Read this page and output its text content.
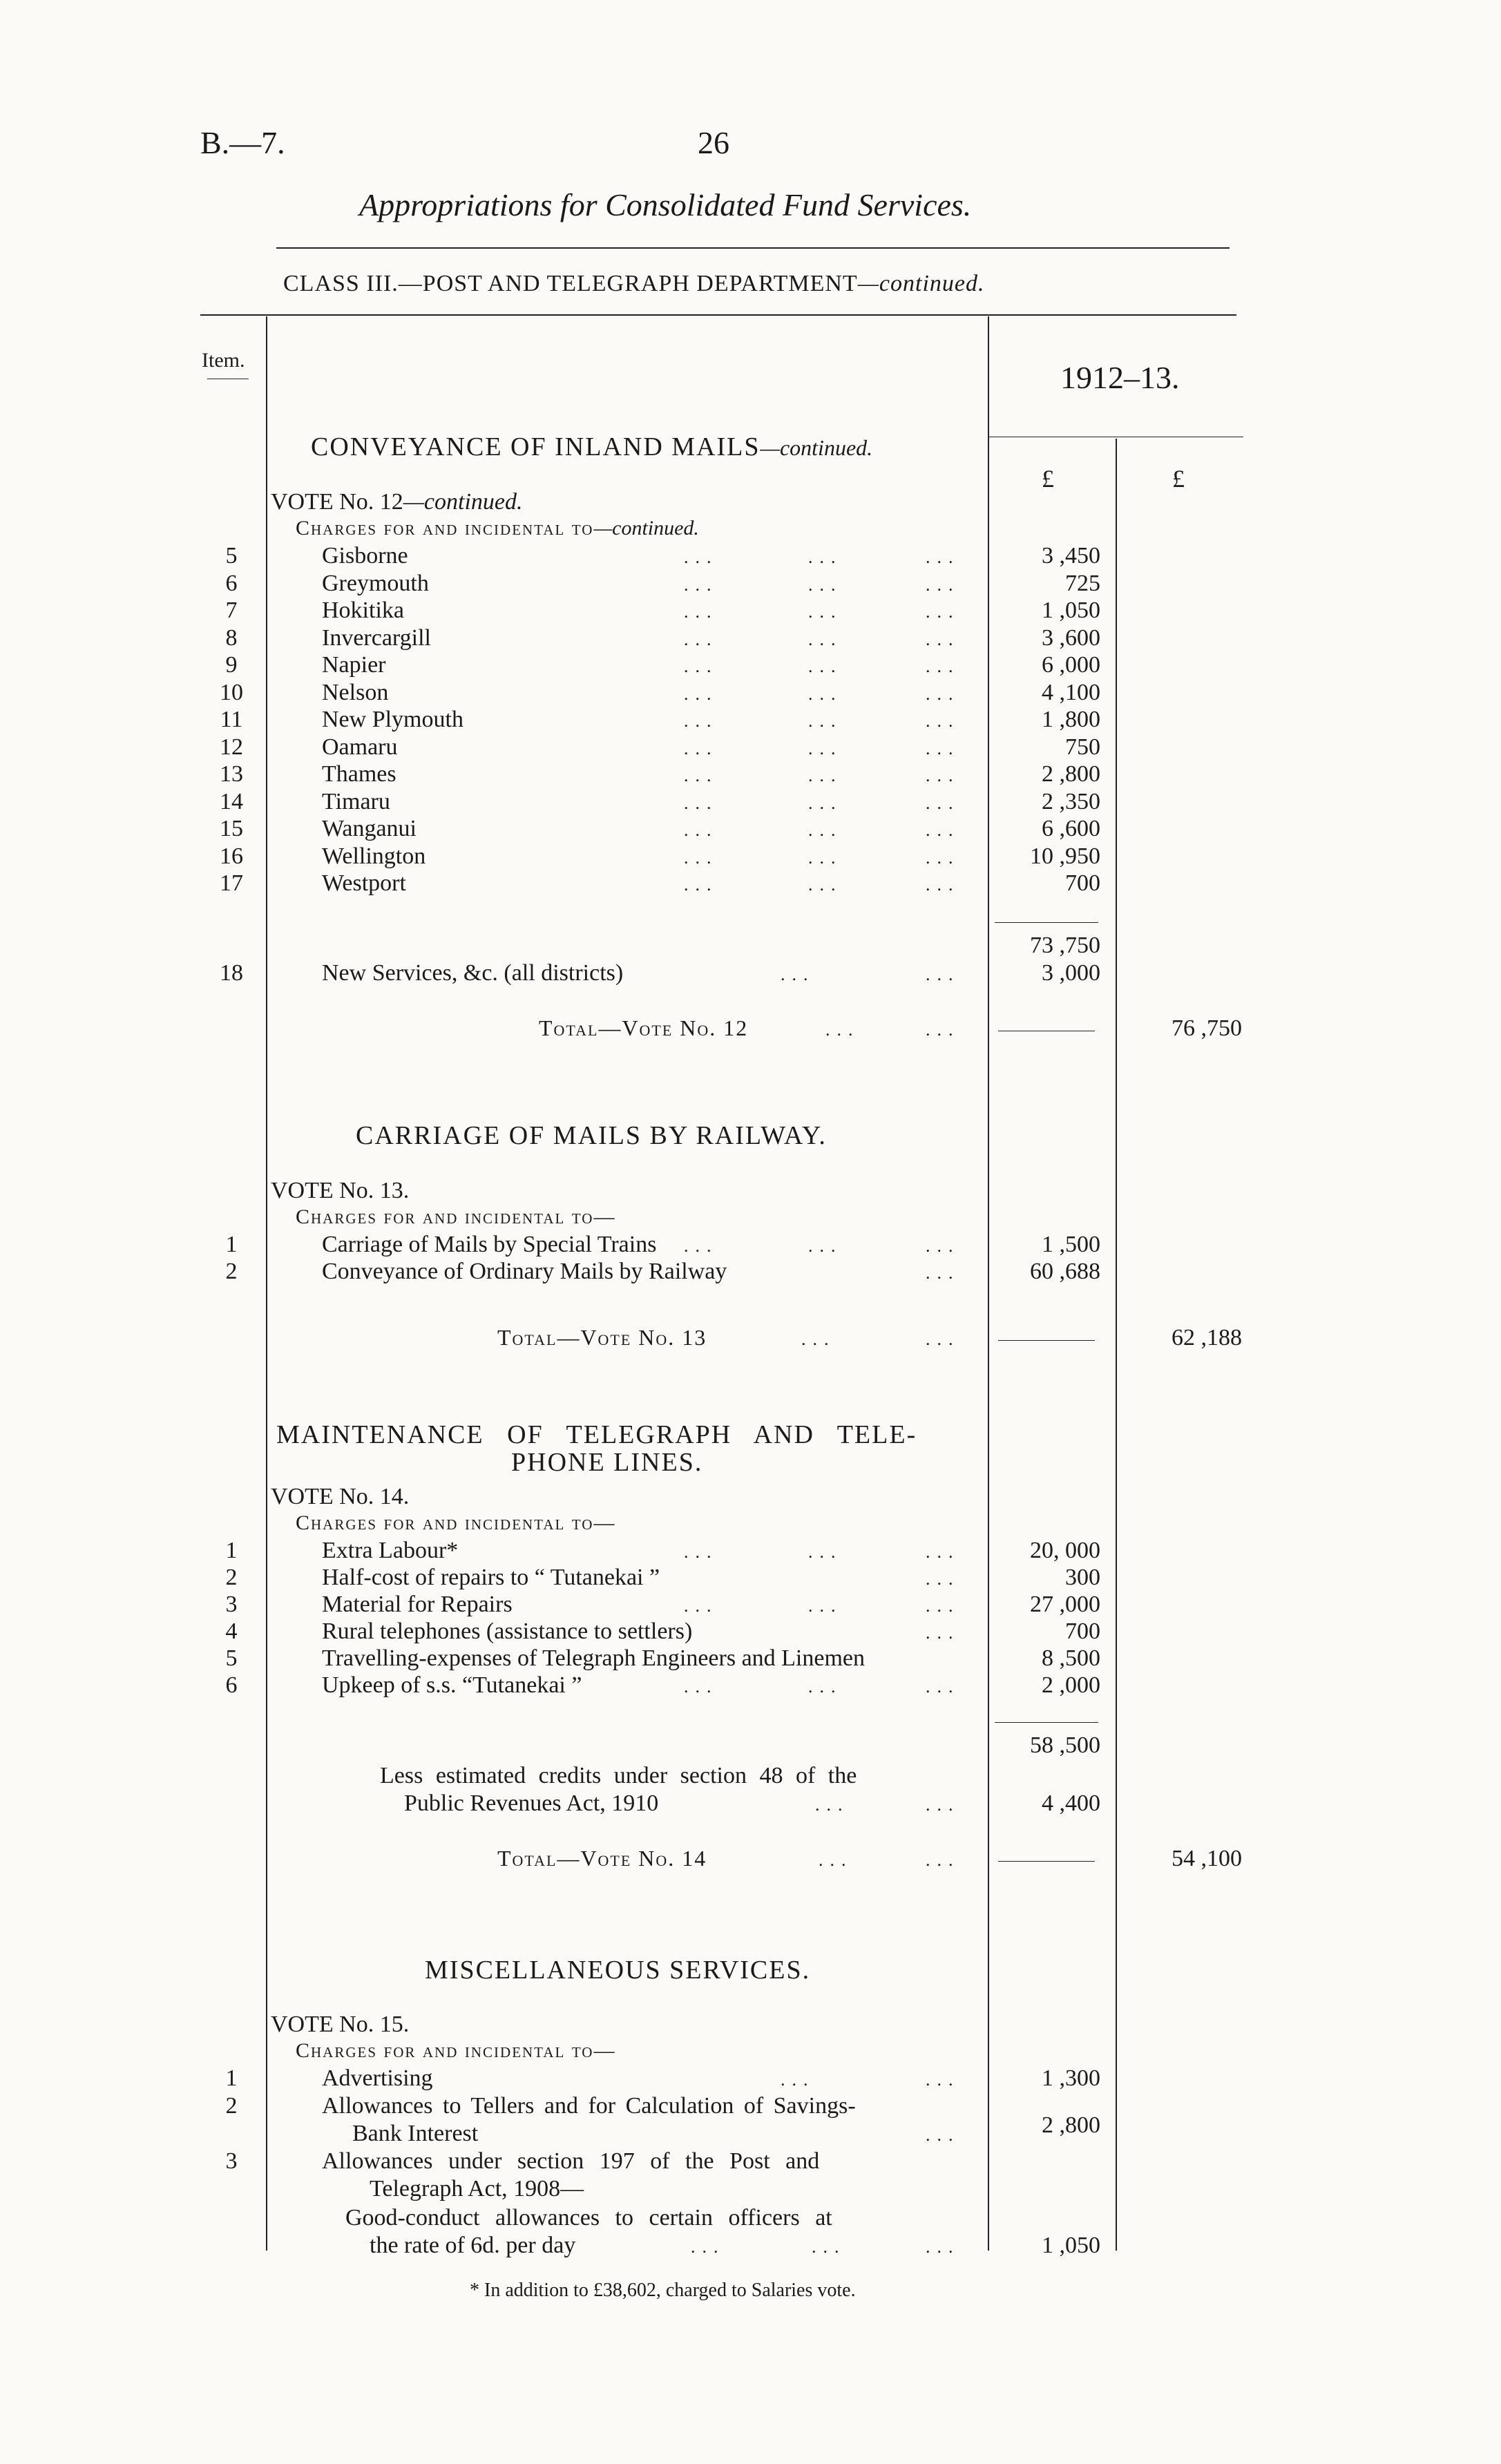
B.—7.	26
Appropriations for Consolidated Fund Services.
CLASS III.—POST AND TELEGRAPH DEPARTMENT—continued.
Item.	1912–13.
£	£
CONVEYANCE OF INLAND MAILS—continued.
VOTE No. 12—continued.
Charges for and incidental to—continued.
5	Gisborne	...	...	...	3 ,450
6	Greymouth	...	...	...	725
7	Hokitika	...	...	...	1 ,050
8	Invercargill	...	...	...	3 ,600
9	Napier	...	...	...	6 ,000
10	Nelson	...	...	...	4 ,100
11	New Plymouth	...	...	...	1 ,800
12	Oamaru	...	...	...	750
13	Thames	...	...	...	2 ,800
14	Timaru	...	...	...	2 ,350
15	Wanganui	...	...	...	6 ,600
16	Wellington	...	...	...	10 ,950
17	Westport	...	...	...	700
73 ,750
18	New Services, &c. (all districts)	...	...	3 ,000
Total—Vote No. 12	...	...	76 ,750
CARRIAGE OF MAILS BY RAILWAY.
VOTE No. 13.
Charges for and incidental to—
1	Carriage of Mails by Special Trains ...	...	...	1 ,500
2	Conveyance of Ordinary Mails by Railway	...	60 ,688
Total—Vote No. 13	...	...	62 ,188
MAINTENANCE OF TELEGRAPH AND TELE-
PHONE LINES.
VOTE No. 14.
Charges for and incidental to—
1	Extra Labour*	...	...	...	20, 000
2	Half-cost of repairs to “ Tutanekai ”	...	300
3	Material for Repairs	...	...	...	27 ,000
4	Rural telephones (assistance to settlers)	...	700
5	Travelling-expenses of Telegraph Engineers and Linemen	8 ,500
6	Upkeep of s.s. “Tutanekai ”	...	...	...	2 ,000
58 ,500
Less estimated credits under section 48 of the
Public Revenues Act, 1910	...	...	4 ,400
Total—Vote No. 14	...	...	54 ,100
MISCELLANEOUS SERVICES.
VOTE No. 15.
Charges for and incidental to—
1	Advertising	...	...	1 ,300
2	Allowances to Tellers and for Calculation of Savings-
Bank Interest	...	2 ,800
3	Allowances under section 197 of the Post and
Telegraph Act, 1908—
Good-conduct allowances to certain officers at
the rate of 6d. per day	...	...	...	1 ,050
* In addition to £38,602, charged to Salaries vote.
